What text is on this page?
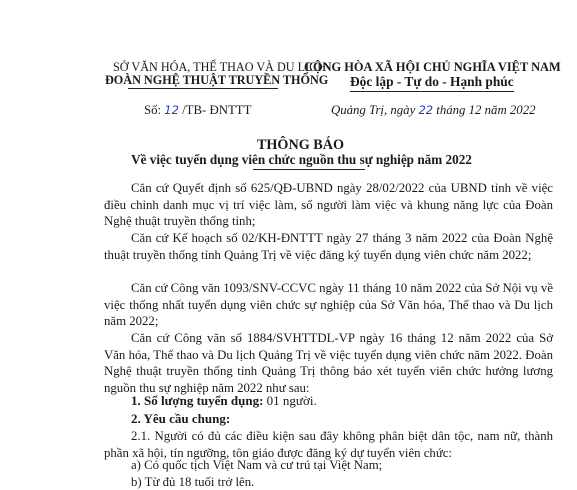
SỞ VĂN HÓA, THỂ THAO VÀ DU LỊCH
ĐOÀN NGHỆ THUẬT TRUYỀN THỐNG
CỘNG HÒA XÃ HỘI CHỦ NGHĨA VIỆT NAM
Độc lập - Tự do - Hạnh phúc
Số: 12 /TB- ĐNTTT	Quảng Trị, ngày 22 tháng 12 năm 2022
THÔNG BÁO
Về việc tuyển dụng viên chức nguồn thu sự nghiệp năm 2022
Căn cứ Quyết định số 625/QĐ-UBND ngày 28/02/2022 của UBND tỉnh về việc điều chỉnh danh mục vị trí việc làm, số người làm việc và khung năng lực của Đoàn Nghệ thuật truyền thống tỉnh;
Căn cứ Kế hoạch số 02/KH-ĐNTTT ngày 27 tháng 3 năm 2022 của Đoàn Nghệ thuật truyền thống tỉnh Quảng Trị về việc đăng ký tuyển dụng viên chức năm 2022;
Căn cứ Công văn 1093/SNV-CCVC ngày 11 tháng 10 năm 2022 của Sở Nội vụ về việc thống nhất tuyển dụng viên chức sự nghiệp của Sở Văn hóa, Thể thao và Du lịch năm 2022;
Căn cứ Công văn số 1884/SVHTTDL-VP ngày 16 tháng 12 năm 2022 của Sở Văn hóa, Thể thao và Du lịch Quảng Trị về việc tuyển dụng viên chức năm 2022. Đoàn Nghệ thuật truyền thống tỉnh Quảng Trị thông báo xét tuyển viên chức hưởng lương nguồn thu sự nghiệp năm 2022 như sau:
1. Số lượng tuyển dụng: 01 người.
2. Yêu cầu chung:
2.1. Người có đủ các điều kiện sau đây không phân biệt dân tộc, nam nữ, thành phần xã hội, tín ngưỡng, tôn giáo được đăng ký dự tuyển viên chức:
a) Có quốc tịch Việt Nam và cư trú tại Việt Nam;
b) Từ đủ 18 tuổi trở lên.
